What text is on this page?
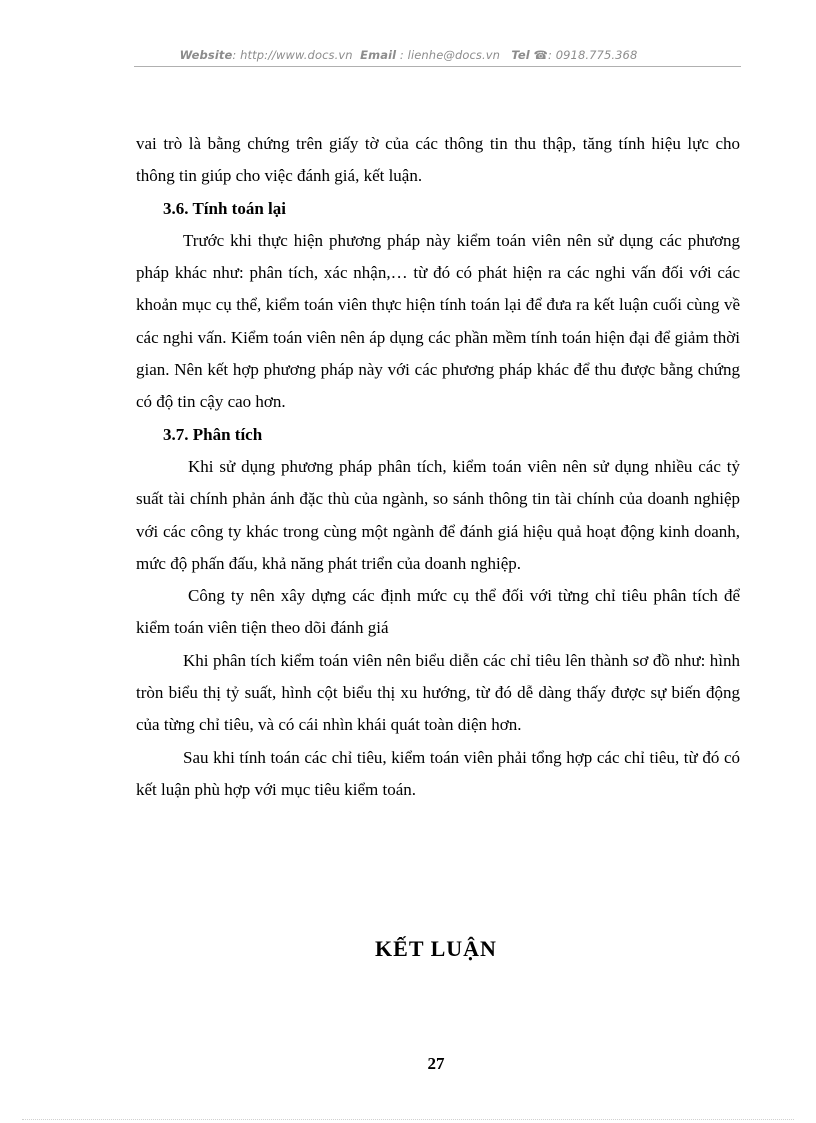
Website: http://www.docs.vn Email : lienhe@docs.vn Tel ☎: 0918.775.368

vai trò là bằng chứng trên giấy tờ của các thông tin thu thập, tăng tính hiệu lực cho thông tin giúp cho việc đánh giá, kết luận.

3.6. Tính toán lại

Trước khi thực hiện phương pháp này kiểm toán viên nên sử dụng các phương pháp khác như: phân tích, xác nhận,… từ đó có phát hiện ra các nghi vấn đối với các khoản mục cụ thể, kiểm toán viên thực hiện tính toán lại để đưa ra kết luận cuối cùng về các nghi vấn. Kiểm toán viên nên áp dụng các phần mềm tính toán hiện đại để giảm thời gian. Nên kết hợp phương pháp này với các phương pháp khác để thu được bằng chứng có độ tin cậy cao hơn.

3.7. Phân tích

Khi sử dụng phương pháp phân tích, kiểm toán viên nên sử dụng nhiều các tỷ suất tài chính phản ánh đặc thù của ngành, so sánh thông tin tài chính của doanh nghiệp với các công ty khác trong cùng một ngành để đánh giá hiệu quả hoạt động kinh doanh, mức độ phấn đấu, khả năng phát triển của doanh nghiệp.

Công ty nên xây dựng các định mức cụ thể đối với từng chỉ tiêu phân tích để kiểm toán viên tiện theo dõi đánh giá

Khi phân tích kiểm toán viên nên biểu diễn các chỉ tiêu lên thành sơ đồ như: hình tròn biểu thị tỷ suất, hình cột biểu thị xu hướng, từ đó dễ dàng thấy được sự biến động của từng chỉ tiêu, và có cái nhìn khái quát toàn diện hơn.

Sau khi tính toán các chỉ tiêu, kiểm toán viên phải tổng hợp các chỉ tiêu, từ đó có kết luận phù hợp với mục tiêu kiểm toán.

KẾT LUẬN
27
